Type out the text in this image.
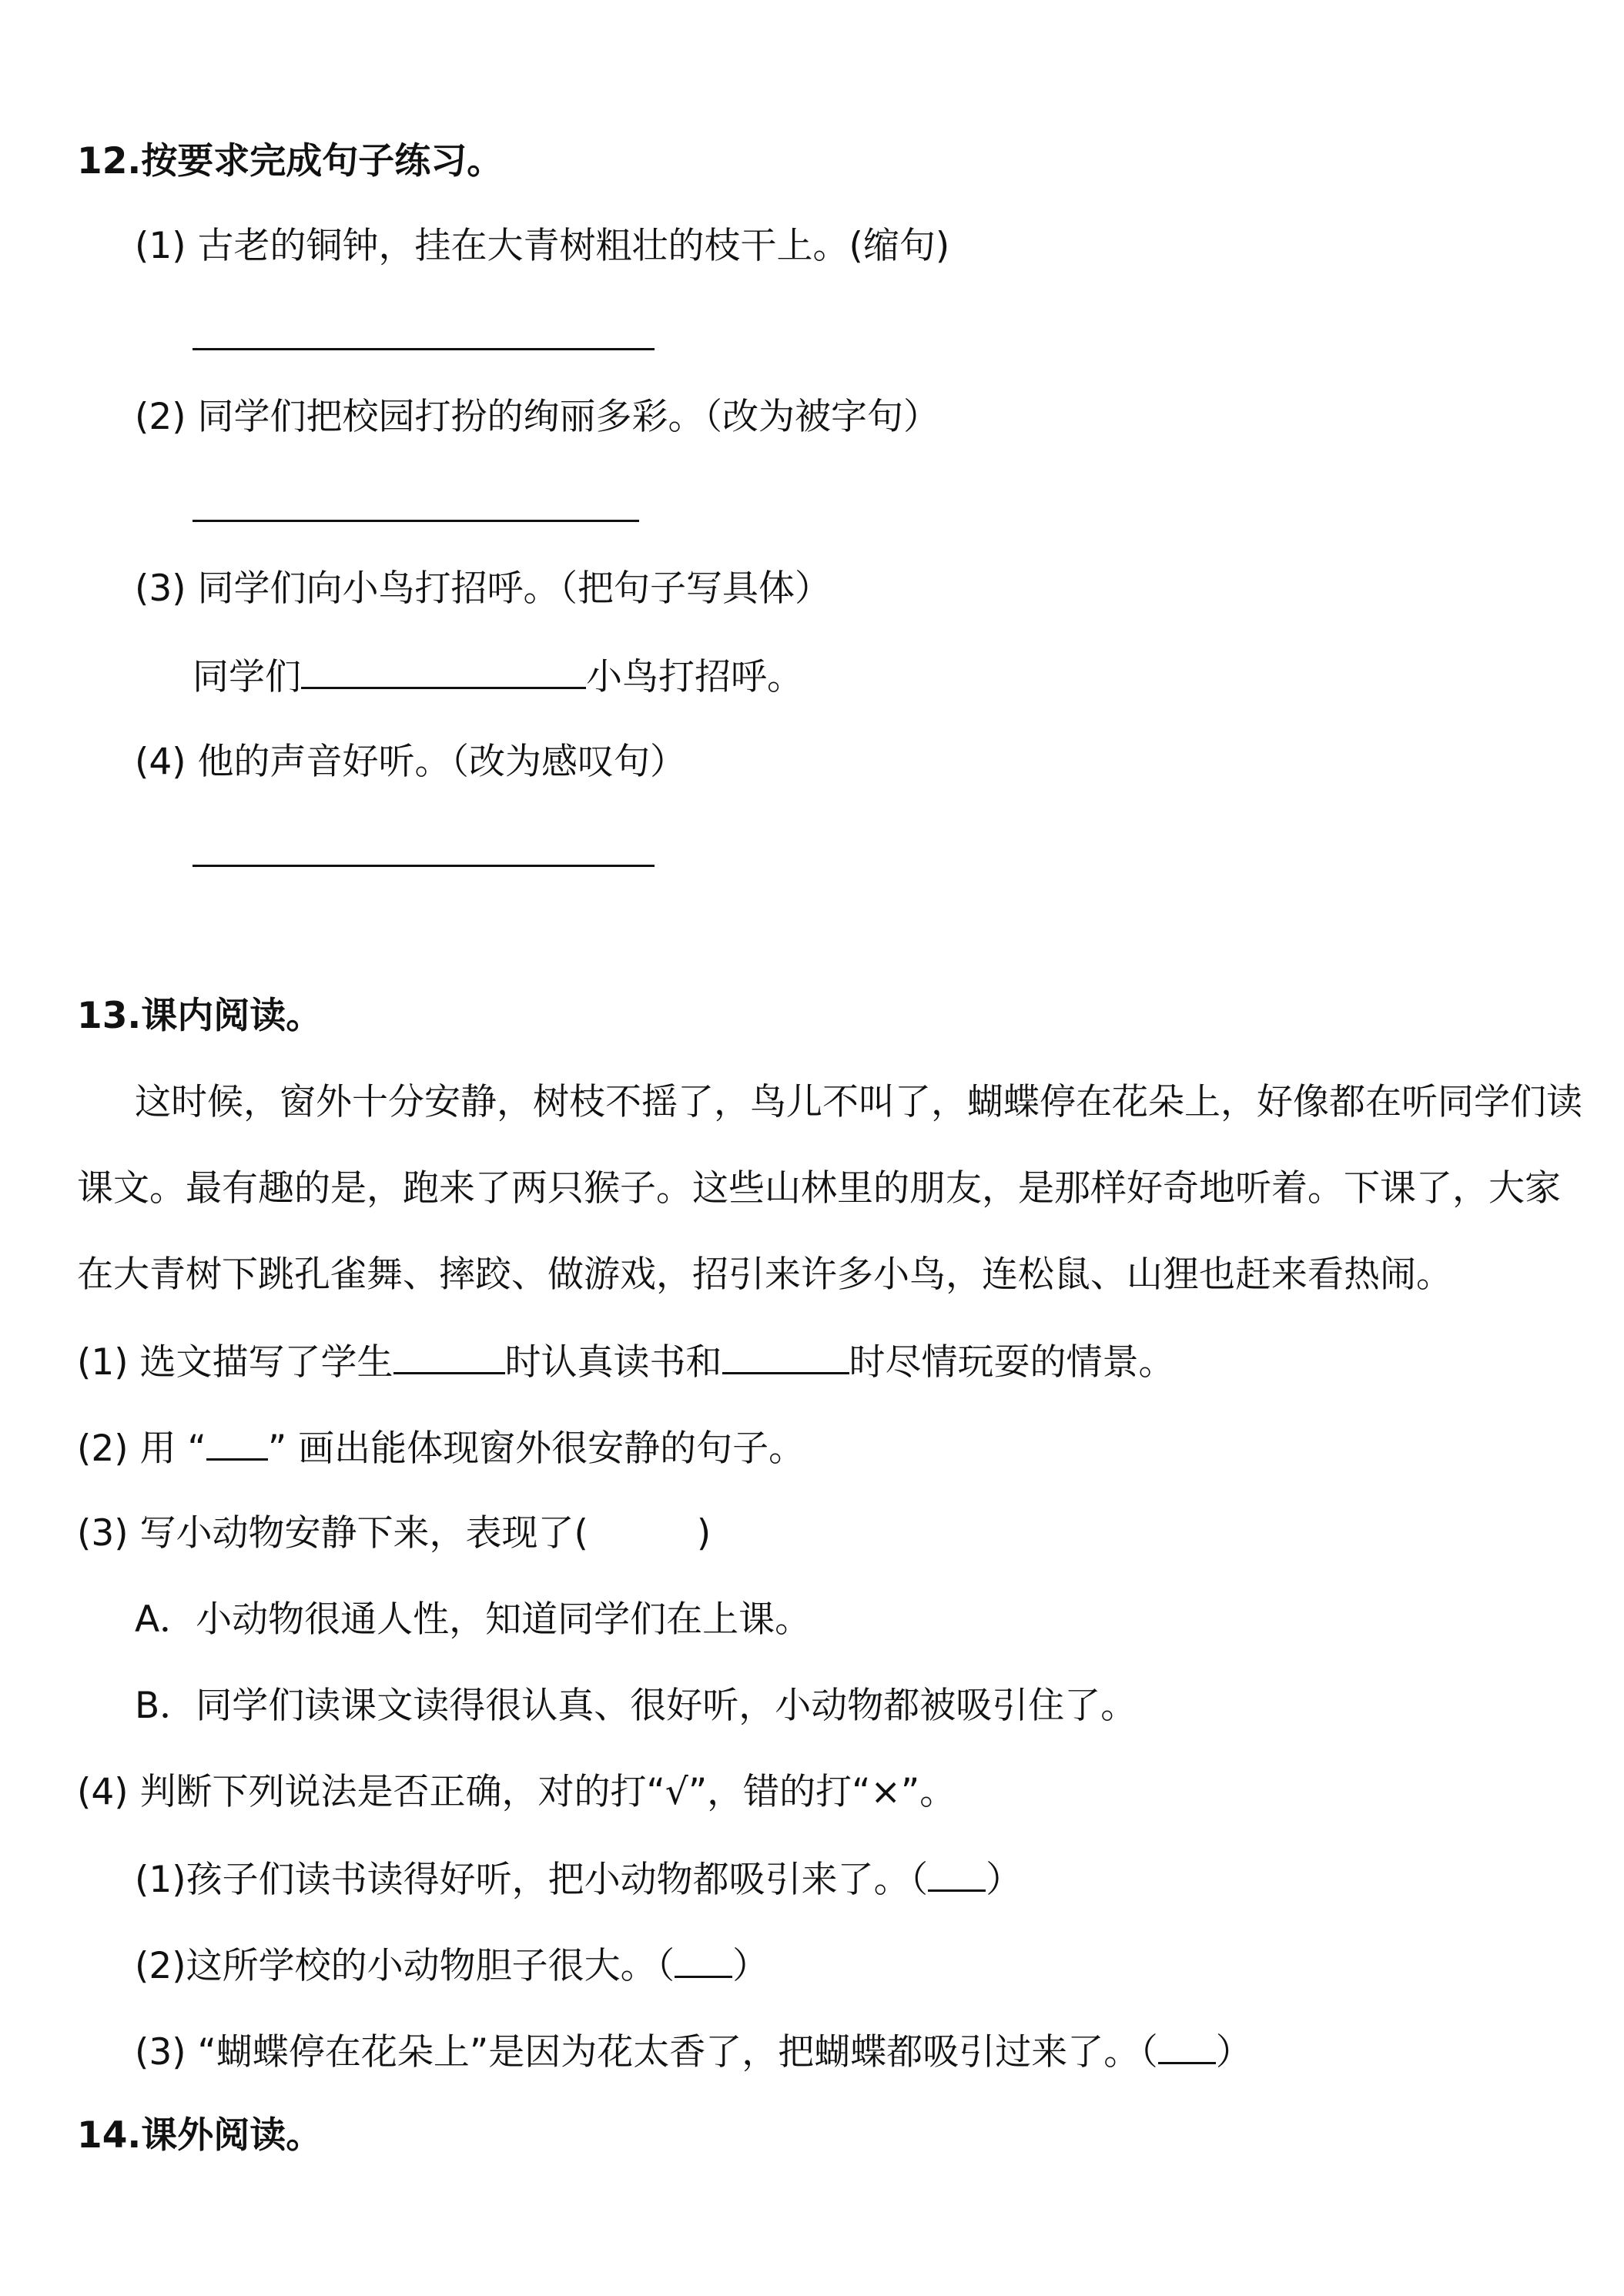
12.按要求完成句子练习。
(1) 古老的铜钟，挂在大青树粗壮的枝干上。(缩句)
(2) 同学们把校园打扮的绚丽多彩。（改为被字句）
(3) 同学们向小鸟打招呼。（把句子写具体）
同学们	小鸟打招呼。
(4) 他的声音好听。（改为感叹句）
13.课内阅读。
这时候，窗外十分安静，树枝不摇了，鸟儿不叫了，蝴蝶停在花朵上，好像都在听同学们读
课文。最有趣的是，跑来了两只猴子。这些山林里的朋友，是那样好奇地听着。下课了，大家
在大青树下跳孔雀舞、摔跤、做游戏，招引来许多小鸟，连松鼠、山狸也赶来看热闹。
(1) 选文描写了学生	时认真读书和	时尽情玩耍的情景。
(2) 用 “ ” 画出能体现窗外很安静的句子。
(3) 写小动物安静下来，表现了(　　　)
A．小动物很通人性，知道同学们在上课。
B．同学们读课文读得很认真、很好听，小动物都被吸引住了。
(4) 判断下列说法是否正确，对的打“√”，错的打“×”。
(1)孩子们读书读得好听，把小动物都吸引来了。（ ）
(2)这所学校的小动物胆子很大。（ ）
(3) “蝴蝶停在花朵上”是因为花太香了，把蝴蝶都吸引过来了。（ ）
14.课外阅读。
